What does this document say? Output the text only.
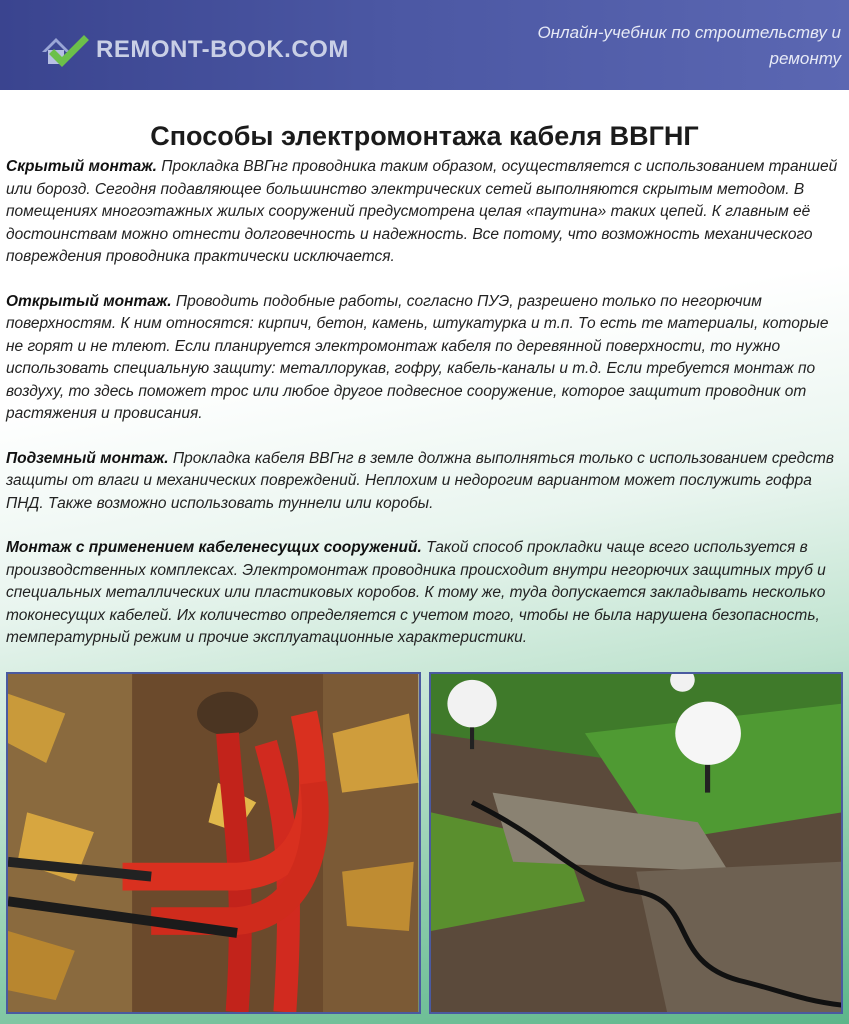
REMONT-BOOK.COM
Онлайн-учебник по строительству и ремонту
Способы электромонтажа кабеля ВВГНГ

Скрытый монтаж. Прокладка ВВГнг проводника таким образом, осуществляется с использованием траншей или борозд. Сегодня подавляющее большинство электрических сетей выполняются скрытым методом. В помещениях многоэтажных жилых сооружений предусмотрена целая «паутина» таких цепей. К главным её достоинствам можно отнести долговечность и надежность. Все потому, что возможность механического повреждения проводника практически исключается.

Открытый монтаж. Проводить подобные работы, согласно ПУЭ, разрешено только по негорючим поверхностям. К ним относятся: кирпич, бетон, камень, штукатурка и т.п. То есть те материалы, которые не горят и не тлеют. Если планируется электромонтаж кабеля по деревянной поверхности, то нужно использовать специальную защиту: металлорукав, гофру, кабель-каналы и т.д. Если требуется монтаж по воздуху, то здесь поможет трос или любое другое подвесное сооружение, которое защитит проводник от растяжения и провисания.

Подземный монтаж. Прокладка кабеля ВВГнг в земле должна выполняться только с использованием средств защиты от влаги и механических повреждений. Неплохим и недорогим вариантом может послужить гофра ПНД. Также возможно использовать туннели или коробы.

Монтаж с применением кабеленесущих сооружений. Такой способ прокладки чаще всего используется в производственных комплексах. Электромонтаж проводника происходит внутри негорючих защитных труб и специальных металлических или пластиковых коробов. К тому же, туда допускается закладывать несколько токонесущих кабелей. Их количество определяется с учетом того, чтобы не была нарушена безопасность, температурный режим и прочие эксплуатационные характеристики.
